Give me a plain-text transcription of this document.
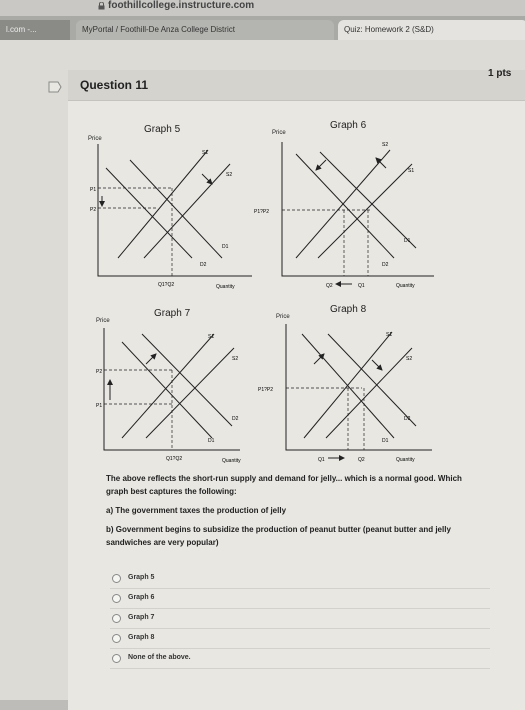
foothillcollege.instructure.com
l.com -...	MyPortal / Foothill-De Anza College District	Quiz: Homework 2 (S&D)
Question 11
1 pts
Graph 5
Price
P1
P2
S1
S2
D1
D2
Q1?Q2	Quantity
Graph 6
Price
P1?P2
S2
S1
D1
D2
Q2	Q1	Quantity
Graph 7
Price
P2
P1
S1
S2
D2
D1
Q1?Q2	Quantity
Graph 8
Price
P1?P2
S1
S2
D2
D1
Q1	Q2	Quantity

The above reflects the short-run supply and demand for jelly... which is a normal good. Which graph best captures the following:

a) The government taxes the production of jelly

b) Government begins to subsidize the production of peanut butter (peanut butter and jelly sandwiches are very popular)

Graph 5
Graph 6
Graph 7
Graph 8
None of the above.
